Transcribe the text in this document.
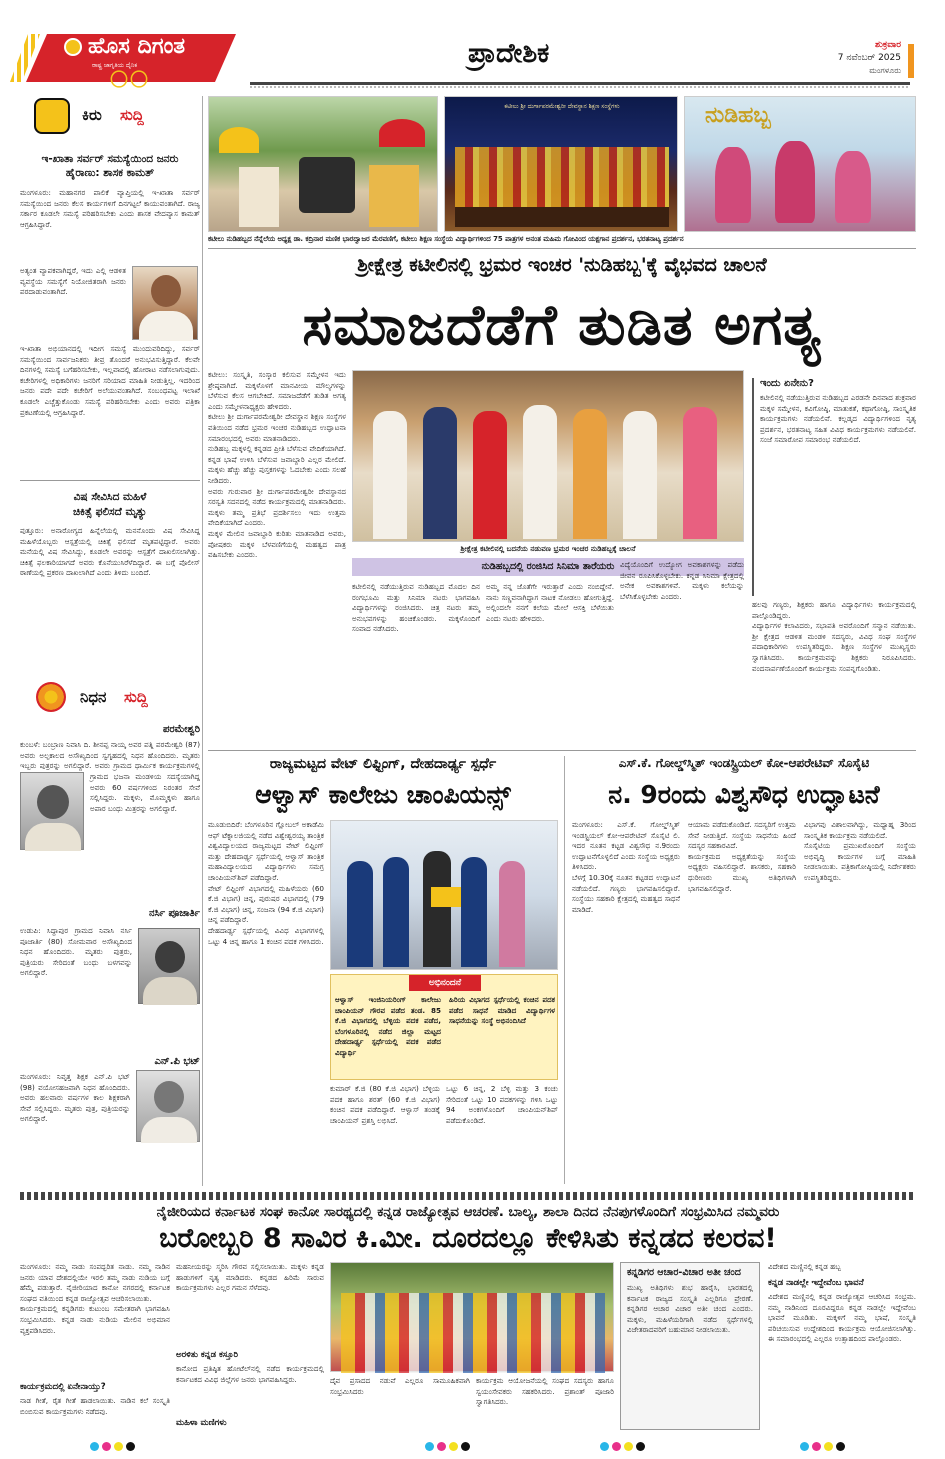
ಹೊಸ ದಿಗಂತ
ರಾಷ್ಟ್ರ ಜಾಗೃತಿಯ ದೈನಿಕ
〇〇
ಪ್ರಾದೇಶಿಕ	ಶುಕ್ರವಾರ
7 ನವೆಂಬರ್ 2025
ಮಂಗಳೂರು
ಕಿರು ಸುದ್ದಿ
ಇ-ಖಾತಾ ಸರ್ವರ್ ಸಮಸ್ಯೆಯಿಂದ ಜನರು
ಹೈರಾಣು: ಶಾಸಕ ಕಾಮತ್
ಮಂಗಳೂರು: ಮಹಾನಗರ ಪಾಲಿಕೆ ವ್ಯಾಪ್ತಿಯಲ್ಲಿ ಇ-ಖಾತಾ ಸರ್ವರ್ ಸಮಸ್ಯೆಯಿಂದ ಜನರು ಕೆಲಸ ಕಾರ್ಯಗಳಿಗೆ ದಿನಗಟ್ಟಲೆ ಕಾಯುವಂತಾಗಿದೆ. ರಾಜ್ಯ ಸರ್ಕಾರ ಕೂಡಲೇ ಸಮಸ್ಯೆ ಪರಿಹರಿಸಬೇಕು ಎಂದು ಶಾಸಕ ವೇದವ್ಯಾಸ ಕಾಮತ್ ಆಗ್ರಹಿಸಿದ್ದಾರೆ.
ಅತ್ಯಂತ ವ್ಯಾಪಕವಾಗಿದ್ದರೆ, ಇದು ಎಲ್ಲಿ ಆಡಳಿತ ವ್ಯವಸ್ಥೆಯ ಸಮಸ್ಯೆಗೆ ನಿಯೋಜಿತರಾಗಿ ಜನರು ಪರದಾಡುವಂತಾಗಿದೆ.
ಇ-ಖಾತಾ ಅಭಿಯಾನದಲ್ಲಿ ಇದೀಗ ಸಮಸ್ಯೆ ಮುಂದುವರಿದಿದ್ದು, ಸರ್ವರ್ ಸಮಸ್ಯೆಯಿಂದ ಸಾರ್ವಜನಿಕರು ತೀವ್ರ ತೊಂದರೆ ಅನುಭವಿಸುತ್ತಿದ್ದಾರೆ. ಕೆಲವೇ ದಿನಗಳಲ್ಲಿ ಸಮಸ್ಯೆ ಬಗೆಹರಿಸಬೇಕು, ಇಲ್ಲವಾದಲ್ಲಿ ಹೋರಾಟ ನಡೆಸಲಾಗುವುದು. ಕಚೇರಿಗಳಲ್ಲಿ ಅಧಿಕಾರಿಗಳು ಜನರಿಗೆ ಸರಿಯಾದ ಮಾಹಿತಿ ನೀಡುತ್ತಿಲ್ಲ. ಇದರಿಂದ ಜನರು ಪದೇ ಪದೇ ಕಚೇರಿಗೆ ಅಲೆಯುವಂತಾಗಿದೆ. ಸಂಬಂಧಪಟ್ಟ ಇಲಾಖೆ ಕೂಡಲೇ ಎಚ್ಚೆತ್ತುಕೊಂಡು ಸಮಸ್ಯೆ ಪರಿಹರಿಸಬೇಕು ಎಂದು ಅವರು ಪತ್ರಿಕಾ ಪ್ರಕಟಣೆಯಲ್ಲಿ ಆಗ್ರಹಿಸಿದ್ದಾರೆ.
ವಿಷ ಸೇವಿಸಿದ ಮಹಿಳೆ
ಚಿಕಿತ್ಸೆ ಫಲಿಸದೆ ಮೃತ್ಯು
ಪುತ್ತೂರು: ಅನಾರೋಗ್ಯದ ಹಿನ್ನೆಲೆಯಲ್ಲಿ ಮನನೊಂದು ವಿಷ ಸೇವಿಸಿದ್ದ ಮಹಿಳೆಯೊಬ್ಬರು ಆಸ್ಪತ್ರೆಯಲ್ಲಿ ಚಿಕಿತ್ಸೆ ಫಲಿಸದೆ ಮೃತಪಟ್ಟಿದ್ದಾರೆ. ಅವರು ಮನೆಯಲ್ಲಿ ವಿಷ ಸೇವಿಸಿದ್ದು, ಕೂಡಲೇ ಅವರನ್ನು ಆಸ್ಪತ್ರೆಗೆ ದಾಖಲಿಸಲಾಗಿತ್ತು. ಚಿಕಿತ್ಸೆ ಫಲಕಾರಿಯಾಗದೆ ಅವರು ಕೊನೆಯುಸಿರೆಳೆದಿದ್ದಾರೆ. ಈ ಬಗ್ಗೆ ಪೊಲೀಸ್ ಠಾಣೆಯಲ್ಲಿ ಪ್ರಕರಣ ದಾಖಲಾಗಿದೆ ಎಂದು ತಿಳಿದು ಬಂದಿದೆ.
ನಿಧನ ಸುದ್ದಿ
ಪರಮೇಶ್ವರಿ
ಕುಂಬಳೆ: ಬಂಬ್ರಾಣ ನಿವಾಸಿ ದಿ. ಶೀನಪ್ಪ ನಾಯ್ಕ ಅವರ ಪತ್ನಿ ಪರಮೇಶ್ವರಿ (87) ಅವರು ಅಲ್ಪಕಾಲದ ಅಸೌಖ್ಯದಿಂದ ಸ್ವಗೃಹದಲ್ಲಿ ನಿಧನ ಹೊಂದಿದರು. ಮೃತರು ಇಬ್ಬರು ಪುತ್ರರನ್ನು ಅಗಲಿದ್ದಾರೆ. ಅವರು ಗ್ರಾಮದ ಧಾರ್ಮಿಕ ಕಾರ್ಯಕ್ರಮಗಳಲ್ಲಿ
ಗ್ರಾಮದ ಭಜನಾ ಮಂಡಳಿಯ ಸದಸ್ಯೆಯಾಗಿದ್ದ ಅವರು 60 ವರ್ಷಗಳಿಂದ ನಿರಂತರ ಸೇವೆ ಸಲ್ಲಿಸಿದ್ದರು. ಮಕ್ಕಳು, ಮೊಮ್ಮಕ್ಕಳು ಹಾಗೂ ಅಪಾರ ಬಂಧು ಮಿತ್ರರನ್ನು ಅಗಲಿದ್ದಾರೆ.
ನರ್ಸಿ ಪೂಜಾರ್ತಿ
ಉಡುಪಿ: ಸಿದ್ದಾಪುರ ಗ್ರಾಮದ ನಿವಾಸಿ ನರ್ಸಿ ಪೂಜಾರ್ತಿ (80) ಸೋಮವಾರ ಅಸೌಖ್ಯದಿಂದ ನಿಧನ ಹೊಂದಿದರು. ಮೃತರು ಪುತ್ರರು, ಪುತ್ರಿಯರು ಸೇರಿದಂತೆ ಬಂಧು ಬಳಗವನ್ನು ಅಗಲಿದ್ದಾರೆ.
ಎನ್.ಪಿ ಭಟ್
ಮಂಗಳೂರು: ನಿವೃತ್ತ ಶಿಕ್ಷಕ ಎನ್.ಪಿ ಭಟ್ (98) ವಯೋಸಹಜವಾಗಿ ನಿಧನ ಹೊಂದಿದರು. ಅವರು ಹಲವಾರು ವರ್ಷಗಳ ಕಾಲ ಶಿಕ್ಷಕರಾಗಿ ಸೇವೆ ಸಲ್ಲಿಸಿದ್ದರು. ಮೃತರು ಪುತ್ರ, ಪುತ್ರಿಯರನ್ನು ಅಗಲಿದ್ದಾರೆ.
ಕಟೀಲು ಶ್ರೀ ದುರ್ಗಾಪರಮೇಶ್ವರೀ ದೇವಸ್ಥಾನ ಶಿಕ್ಷಣ ಸಂಸ್ಥೆಗಳು	ನುಡಿಹಬ್ಬ
ಕಟೀಲು ನುಡಿಹಬ್ಬದ ನೆನ್ನೆಲೆಯ ಅಧ್ಯಕ್ಷ ಡಾ. ಕದ್ರಿನಾರ ಮಣಿಕ ಭಾರದ್ವಾಜರ ಮೆರವಣಿಗೆ, ಕಟೀಲು ಶಿಕ್ಷಣ ಸಂಸ್ಥೆಯ ವಿದ್ಯಾರ್ಥಿಗಳಿಂದ 75 ಪಾತ್ರಗಳ ಅನಂತ ಮಹಿಮ ಗೋವಿಂದ ಯಕ್ಷಗಾನ ಪ್ರದರ್ಶನ, ಭರತನಾಟ್ಯ ಪ್ರದರ್ಶನ
ಶ್ರೀಕ್ಷೇತ್ರ ಕಟೀಲಿನಲ್ಲಿ ಭ್ರಮರ ಇಂಚರ 'ನುಡಿಹಬ್ಬ'ಕ್ಕೆ ವೈಭವದ ಚಾಲನೆ
ಸಮಾಜದೆಡೆಗೆ ತುಡಿತ ಅಗತ್ಯ
ಕಟೀಲು: ಸಂಸ್ಕೃತಿ, ಸಂಸ್ಕಾರ ಕಲಿಸುವ ಸಮ್ಮೇಳನ ಇದು ಶ್ರೇಷ್ಠವಾಗಿದೆ. ಮಕ್ಕಳೊಳಗೆ ಮಾನವೀಯ ಮೌಲ್ಯಗಳನ್ನು ಬೆಳೆಸುವ ಕೆಲಸ ಆಗಬೇಕಿದೆ. ಸಮಾಜದೆಡೆಗೆ ತುಡಿತ ಅಗತ್ಯ ಎಂದು ಸಮ್ಮೇಳನಾಧ್ಯಕ್ಷರು ಹೇಳಿದರು.
ಕಟೀಲು ಶ್ರೀ ದುರ್ಗಾಪರಮೇಶ್ವರೀ ದೇವಸ್ಥಾನ ಶಿಕ್ಷಣ ಸಂಸ್ಥೆಗಳ ವತಿಯಿಂದ ನಡೆದ ಭ್ರಮರ ಇಂಚರ ನುಡಿಹಬ್ಬದ ಉದ್ಘಾಟನಾ ಸಮಾರಂಭದಲ್ಲಿ ಅವರು ಮಾತನಾಡಿದರು.
ನುಡಿಹಬ್ಬ ಮಕ್ಕಳಲ್ಲಿ ಕನ್ನಡದ ಪ್ರೀತಿ ಬೆಳೆಸುವ ವೇದಿಕೆಯಾಗಿದೆ. ಕನ್ನಡ ಭಾಷೆ ಉಳಿಸಿ ಬೆಳೆಸುವ ಜವಾಬ್ದಾರಿ ಎಲ್ಲರ ಮೇಲಿದೆ. ಮಕ್ಕಳು ಹೆಚ್ಚು ಹೆಚ್ಚು ಪುಸ್ತಕಗಳನ್ನು ಓದಬೇಕು ಎಂದು ಸಲಹೆ ನೀಡಿದರು.
ಅವರು ಗುರುವಾರ ಶ್ರೀ ದುರ್ಗಾಪರಮೇಶ್ವರೀ ದೇವಸ್ಥಾನದ ಸರಸ್ವತಿ ಸದನದಲ್ಲಿ ನಡೆದ ಕಾರ್ಯಕ್ರಮದಲ್ಲಿ ಮಾತನಾಡಿದರು. ಮಕ್ಕಳು ತಮ್ಮ ಪ್ರತಿಭೆ ಪ್ರದರ್ಶಿಸಲು ಇದು ಉತ್ತಮ ವೇದಿಕೆಯಾಗಿದೆ ಎಂದರು.
ಮಕ್ಕಳ ಮೇಲಿನ ಜವಾಬ್ದಾರಿ ಕುರಿತು ಮಾತನಾಡಿದ ಅವರು, ಪೋಷಕರು ಮಕ್ಕಳ ಬೆಳವಣಿಗೆಯಲ್ಲಿ ಮಹತ್ವದ ಪಾತ್ರ ವಹಿಸಬೇಕು ಎಂದರು.
ಶ್ರೀಕ್ಷೇತ್ರ ಕಟೀಲಿನಲ್ಲಿ ಬದನೆಯ ನಡುವಣ ಭ್ರಮರ ಇಂಚರ ನುಡಿಹಬ್ಬಕ್ಕೆ ಚಾಲನೆ
ಇಂದು ಏನೇನು?
ಕಟೀಲಿನಲ್ಲಿ ನಡೆಯುತ್ತಿರುವ ನುಡಿಹಬ್ಬದ ಎರಡನೇ ದಿನವಾದ ಶುಕ್ರವಾರ ಮಕ್ಕಳ ಸಮ್ಮೇಳನ, ಕವಿಗೋಷ್ಠಿ, ಮಾತುಕತೆ, ಕಥಾಗೋಷ್ಠಿ, ಸಾಂಸ್ಕೃತಿಕ ಕಾರ್ಯಕ್ರಮಗಳು ನಡೆಯಲಿವೆ. ಕಲ್ಲಡ್ಕದ ವಿದ್ಯಾರ್ಥಿಗಳಿಂದ ನೃತ್ಯ ಪ್ರದರ್ಶನ, ಭರತನಾಟ್ಯ ಸಹಿತ ವಿವಿಧ ಕಾರ್ಯಕ್ರಮಗಳು ನಡೆಯಲಿವೆ. ಸಂಜೆ ಸಮಾರೋಪ ಸಮಾರಂಭ ನಡೆಯಲಿದೆ.
ನುಡಿಹಬ್ಬದಲ್ಲಿ ರಂಜಿಸಿದ ಸಿನಿಮಾ ತಾರೆಯರು
ಕಟೀಲಿನಲ್ಲಿ ನಡೆಯುತ್ತಿರುವ ನುಡಿಹಬ್ಬದ ಮೊದಲ ದಿನ ರಂಗಭೂಮಿ ಮತ್ತು ಸಿನಿಮಾ ನಟರು ಭಾಗವಹಿಸಿ ವಿದ್ಯಾರ್ಥಿಗಳನ್ನು ರಂಜಿಸಿದರು. ಚಿತ್ರ ನಟರು ತಮ್ಮ ಅನುಭವಗಳನ್ನು ಹಂಚಿಕೊಂಡರು. ಮಕ್ಕಳೊಂದಿಗೆ ಸಂವಾದ ನಡೆಸಿದರು.
ಅಮ್ಮ ನನ್ನ ಜೊತೆಗೇ ಇರುತ್ತಾರೆ ಎಂದು ನಂಬಿದ್ದೇನೆ. ನಾನು ಸಣ್ಣವನಾಗಿದ್ದಾಗ ನಾಟಕ ನೋಡಲು ಹೋಗುತ್ತಿದ್ದೆ. ಅಲ್ಲಿಂದಲೇ ನನಗೆ ಕಲೆಯ ಮೇಲೆ ಆಸಕ್ತಿ ಬೆಳೆಯಿತು ಎಂದು ನಟರು ಹೇಳಿದರು.
ವಿದ್ಯೆಯೊಂದಿಗೆ ಉದ್ಯೋಗ ಅವಕಾಶಗಳನ್ನು ಪಡೆದು ಜೀವನ ರೂಪಿಸಿಕೊಳ್ಳಬೇಕು. ಕನ್ನಡ ಸಿನಿಮಾ ಕ್ಷೇತ್ರದಲ್ಲಿ ಅನೇಕ ಅವಕಾಶಗಳಿವೆ. ಮಕ್ಕಳು ಕಲೆಯನ್ನು ಬೆಳೆಸಿಕೊಳ್ಳಬೇಕು ಎಂದರು.
ಹಲವು ಗಣ್ಯರು, ಶಿಕ್ಷಕರು ಹಾಗೂ ವಿದ್ಯಾರ್ಥಿಗಳು ಕಾರ್ಯಕ್ರಮದಲ್ಲಿ ಪಾಲ್ಗೊಂಡಿದ್ದರು.
ವಿದ್ಯಾರ್ಥಿಗಳ ಕಲಾವಿದರು, ಸಭಾಪತಿ ಅವರೊಂದಿಗೆ ಸನ್ಮಾನ ನಡೆಯಿತು. ಶ್ರೀ ಕ್ಷೇತ್ರದ ಆಡಳಿತ ಮಂಡಳಿ ಸದಸ್ಯರು, ವಿವಿಧ ಸಂಘ ಸಂಸ್ಥೆಗಳ ಪದಾಧಿಕಾರಿಗಳು ಉಪಸ್ಥಿತರಿದ್ದರು. ಶಿಕ್ಷಣ ಸಂಸ್ಥೆಗಳ ಮುಖ್ಯಸ್ಥರು ಸ್ವಾಗತಿಸಿದರು. ಕಾರ್ಯಕ್ರಮವನ್ನು ಶಿಕ್ಷಕರು ನಿರೂಪಿಸಿದರು. ವಂದನಾರ್ಪಣೆಯೊಂದಿಗೆ ಕಾರ್ಯಕ್ರಮ ಸಂಪನ್ನಗೊಂಡಿತು.
ರಾಜ್ಯಮಟ್ಟದ ವೇಟ್ ಲಿಫ್ಟಿಂಗ್, ದೇಹದಾರ್ಢ್ಯ ಸ್ಪರ್ಧೆ
ಆಳ್ವಾಸ್ ಕಾಲೇಜು ಚಾಂಪಿಯನ್ಸ್
ಮೂಡುಬಿದಿರೆ: ಬೆಂಗಳೂರಿನ ಗ್ಲೋಬಲ್ ಅಕಾಡೆಮಿ ಆಫ್ ಟೆಕ್ನಾಲಜಿಯಲ್ಲಿ ನಡೆದ ವಿಶ್ವೇಶ್ವರಯ್ಯ ತಾಂತ್ರಿಕ ವಿಶ್ವವಿದ್ಯಾಲಯದ ರಾಜ್ಯಮಟ್ಟದ ವೇಟ್ ಲಿಫ್ಟಿಂಗ್ ಮತ್ತು ದೇಹದಾರ್ಢ್ಯ ಸ್ಪರ್ಧೆಯಲ್ಲಿ ಆಳ್ವಾಸ್ ತಾಂತ್ರಿಕ ಮಹಾವಿದ್ಯಾಲಯದ ವಿದ್ಯಾರ್ಥಿಗಳು ಸಮಗ್ರ ಚಾಂಪಿಯನ್‌ಶಿಪ್ ಪಡೆದಿದ್ದಾರೆ.
ವೇಟ್ ಲಿಫ್ಟಿಂಗ್ ವಿಭಾಗದಲ್ಲಿ ಮಹಿಳೆಯರು (60 ಕೆ.ಜಿ ವಿಭಾಗ) ಚಿನ್ನ, ಪುರುಷರ ವಿಭಾಗದಲ್ಲಿ (79 ಕೆ.ಜಿ ವಿಭಾಗ) ಚಿನ್ನ, ಸಂಜನಾ (94 ಕೆ.ಜಿ ವಿಭಾಗ) ಚಿನ್ನ ಪಡೆದಿದ್ದಾರೆ.
ದೇಹದಾರ್ಢ್ಯ ಸ್ಪರ್ಧೆಯಲ್ಲಿ ವಿವಿಧ ವಿಭಾಗಗಳಲ್ಲಿ ಒಟ್ಟು 4 ಚಿನ್ನ ಹಾಗೂ 1 ಕಂಚಿನ ಪದಕ ಗಳಿಸಿದರು.
ಅಭಿನಂದನೆ
ಆಳ್ವಾಸ್ ಇಂಜಿನಿಯರಿಂಗ್ ಕಾಲೇಜು ಚಾಂಪಿಯನ್ ಗೌರವ ಪಡೆದ ತಂಡ. 85 ಕೆ.ಜಿ ವಿಭಾಗದಲ್ಲಿ ಬೆಳ್ಳಿಯ ಪದಕ ಪಡೆದ, ಬೆಂಗಳೂರಿನಲ್ಲಿ ನಡೆದ ಜಿಲ್ಲಾ ಮಟ್ಟದ ದೇಹದಾರ್ಢ್ಯ ಸ್ಪರ್ಧೆಯಲ್ಲಿ ಪದಕ ಪಡೆದ ವಿದ್ಯಾರ್ಥಿ
ಹಿರಿಯ ವಿಭಾಗದ ಸ್ಪರ್ಧೆಯಲ್ಲಿ ಕಂಚಿನ ಪದಕ ಪಡೆದ ಸಾಧನೆ ಮಾಡಿದ ವಿದ್ಯಾರ್ಥಿಗಳ ಸಾಧನೆಯನ್ನು ಸಂಸ್ಥೆ ಅಭಿನಂದಿಸಿದೆ
ಕುಮಾರ್ ಕೆ.ಜಿ (80 ಕೆ.ಜಿ ವಿಭಾಗ) ಬೆಳ್ಳಿಯ ಪದಕ ಹಾಗೂ ಶರತ್ (60 ಕೆ.ಜಿ ವಿಭಾಗ) ಕಂಚಿನ ಪದಕ ಪಡೆದಿದ್ದಾರೆ. ಆಳ್ವಾಸ್ ತಂಡಕ್ಕೆ ಚಾಂಪಿಯನ್ ಪ್ರಶಸ್ತಿ ಲಭಿಸಿದೆ.
ಒಟ್ಟು 6 ಚಿನ್ನ, 2 ಬೆಳ್ಳಿ ಮತ್ತು 3 ಕಂಚು ಸೇರಿದಂತೆ ಒಟ್ಟು 10 ಪದಕಗಳನ್ನು ಗಳಿಸಿ ಒಟ್ಟು 94 ಅಂಕಗಳೊಂದಿಗೆ ಚಾಂಪಿಯನ್‌ಶಿಪ್ ಪಡೆದುಕೊಂಡಿದೆ.
ಎಸ್.ಕೆ. ಗೋಲ್ಡ್‌ಸ್ಮಿತ್ ಇಂಡಸ್ಟ್ರಿಯಲ್ ಕೋ-ಆಪರೇಟಿವ್ ಸೊಸೈಟಿ
ನ. 9ರಂದು ವಿಶ್ವಸೌಧ ಉದ್ಘಾಟನೆ
ಮಂಗಳೂರು: ಎಸ್.ಕೆ. ಗೋಲ್ಡ್‌ಸ್ಮಿತ್ ಇಂಡಸ್ಟ್ರಿಯಲ್ ಕೋ-ಆಪರೇಟಿವ್ ಸೊಸೈಟಿ ಲಿ. ಇದರ ನೂತನ ಕಟ್ಟಡ ವಿಶ್ವಸೌಧ ನ.9ರಂದು ಉದ್ಘಾಟನೆಗೊಳ್ಳಲಿದೆ ಎಂದು ಸಂಸ್ಥೆಯ ಅಧ್ಯಕ್ಷರು ತಿಳಿಸಿದರು.
ಬೆಳಗ್ಗೆ 10.30ಕ್ಕೆ ನೂತನ ಕಟ್ಟಡದ ಉದ್ಘಾಟನೆ ನಡೆಯಲಿದೆ. ಗಣ್ಯರು ಭಾಗವಹಿಸಲಿದ್ದಾರೆ. ಸಂಸ್ಥೆಯು ಸಹಕಾರಿ ಕ್ಷೇತ್ರದಲ್ಲಿ ಮಹತ್ವದ ಸಾಧನೆ ಮಾಡಿದೆ.
ಆಯಾಮ ಪಡೆದುಕೊಂಡಿದೆ. ಸದಸ್ಯರಿಗೆ ಉತ್ತಮ ಸೇವೆ ನೀಡುತ್ತಿದೆ. ಸಂಸ್ಥೆಯ ಸಾಧನೆಯ ಹಿಂದೆ ಸದಸ್ಯರ ಸಹಕಾರವಿದೆ.
ಕಾರ್ಯಕ್ರಮದ ಅಧ್ಯಕ್ಷತೆಯನ್ನು ಸಂಸ್ಥೆಯ ಅಧ್ಯಕ್ಷರು ವಹಿಸಲಿದ್ದಾರೆ. ಶಾಸಕರು, ಸಹಕಾರಿ ಧುರೀಣರು ಮುಖ್ಯ ಅತಿಥಿಗಳಾಗಿ ಭಾಗವಹಿಸಲಿದ್ದಾರೆ.
ವಿಭಾಗವು ವಿಶಾಲವಾಗಿದ್ದು, ಮಧ್ಯಾಹ್ನ 3ರಿಂದ ಸಾಂಸ್ಕೃತಿಕ ಕಾರ್ಯಕ್ರಮ ನಡೆಯಲಿದೆ.
ಸೊಸೈಟಿಯ ಪ್ರಮುಖರೊಂದಿಗೆ ಸಂಸ್ಥೆಯ ಅಭಿವೃದ್ಧಿ ಕಾರ್ಯಗಳ ಬಗ್ಗೆ ಮಾಹಿತಿ ನೀಡಲಾಯಿತು. ಪತ್ರಿಕಾಗೋಷ್ಠಿಯಲ್ಲಿ ನಿರ್ದೇಶಕರು ಉಪಸ್ಥಿತರಿದ್ದರು.
ನೈಜೀರಿಯದ ಕರ್ನಾಟಕ ಸಂಘ ಕಾನೋ ಸಾರಥ್ಯದಲ್ಲಿ ಕನ್ನಡ ರಾಜ್ಯೋತ್ಸವ ಆಚರಣೆ. ಬಾಲ್ಯ, ಶಾಲಾ ದಿನದ ನೆನಪುಗಳೊಂದಿಗೆ ಸಂಭ್ರಮಿಸಿದ ನಮ್ಮವರು
ಬರೋಬ್ಬರಿ 8 ಸಾವಿರ ಕಿ.ಮೀ. ದೂರದಲ್ಲೂ ಕೇಳಿಸಿತು ಕನ್ನಡದ ಕಲರವ!
ಮಂಗಳೂರು: ನಮ್ಮ ನಾಡು ಸಂಪದ್ಭರಿತ ನಾಡು. ನಮ್ಮ ನಾಡಿನ ಜನರು ಯಾವ ದೇಶದಲ್ಲಿಯೇ ಇರಲಿ ತಮ್ಮ ನಾಡು ನುಡಿಯ ಬಗ್ಗೆ ಹೆಮ್ಮೆ ಪಡುತ್ತಾರೆ. ನೈಜೀರಿಯಾದ ಕಾನೋ ನಗರದಲ್ಲಿ ಕರ್ನಾಟಕ ಸಂಘದ ವತಿಯಿಂದ ಕನ್ನಡ ರಾಜ್ಯೋತ್ಸವ ಆಚರಿಸಲಾಯಿತು.
ಕಾರ್ಯಕ್ರಮದಲ್ಲಿ ಕನ್ನಡಿಗರು ಕುಟುಂಬ ಸಮೇತರಾಗಿ ಭಾಗವಹಿಸಿ ಸಂಭ್ರಮಿಸಿದರು. ಕನ್ನಡ ನಾಡು ನುಡಿಯ ಮೇಲಿನ ಅಭಿಮಾನ ವ್ಯಕ್ತಪಡಿಸಿದರು.
ಕಾರ್ಯಕ್ರಮದಲ್ಲಿ ಏನೇನಾಯ್ತು?
ನಾಡ ಗೀತೆ, ರೈತ ಗೀತೆ ಹಾಡಲಾಯಿತು. ನಾಡಿನ ಕಲೆ ಸಂಸ್ಕೃತಿ ಬಿಂಬಿಸುವ ಕಾರ್ಯಕ್ರಮಗಳು ನಡೆದವು.
ಮಹನೀಯರನ್ನು ಸ್ಮರಿಸಿ ಗೌರವ ಸಲ್ಲಿಸಲಾಯಿತು. ಮಕ್ಕಳು ಕನ್ನಡ ಹಾಡುಗಳಿಗೆ ನೃತ್ಯ ಮಾಡಿದರು. ಕನ್ನಡದ ಹಿರಿಮೆ ಸಾರುವ ಕಾರ್ಯಕ್ರಮಗಳು ಎಲ್ಲರ ಗಮನ ಸೆಳೆದವು.
ಅರಳಿತು ಕನ್ನಡ ಕಸ್ತೂರಿ
ಕಾನೋದ ಪ್ರತಿಷ್ಠಿತ ಹೋಟೆಲ್‌ನಲ್ಲಿ ನಡೆದ ಕಾರ್ಯಕ್ರಮದಲ್ಲಿ ಕರ್ನಾಟಕದ ವಿವಿಧ ಜಿಲ್ಲೆಗಳ ಜನರು ಭಾಗವಹಿಸಿದ್ದರು.
ಮಹಿಳಾ ಮಣಿಗಳು
ದೈವ ಪ್ರಸಾದದ ನಡುವೆ ಎಲ್ಲರೂ ಸಾಮೂಹಿಕವಾಗಿ ಸಂಭ್ರಮಿಸಿದರು
ಕಾರ್ಯಕ್ರಮ ಆಯೋಜನೆಯಲ್ಲಿ ಸಂಘದ ಸದಸ್ಯರು ಹಾಗೂ ಸ್ವಯಂಸೇವಕರು ಸಹಕರಿಸಿದರು. ಪ್ರಶಾಂತ್ ಪೂಜಾರಿ ಸ್ವಾಗತಿಸಿದರು.
ಕನ್ನಡಿಗರ ಆಚಾರ-ವಿಚಾರ ಅತೀ ಚಂದ
ಮುಖ್ಯ ಅತಿಥಿಗಳು ಶುಭ ಹಾರೈಸಿ, ಭಾರತದಲ್ಲಿ ಕರ್ನಾಟಕ ರಾಜ್ಯದ ಸಂಸ್ಕೃತಿ ಎಲ್ಲರಿಗೂ ಪ್ರೇರಣೆ. ಕನ್ನಡಿಗರ ಆಚಾರ ವಿಚಾರ ಅತೀ ಚಂದ ಎಂದರು. ಮಕ್ಕಳು, ಮಹಿಳೆಯರಿಗಾಗಿ ನಡೆದ ಸ್ಪರ್ಧೆಗಳಲ್ಲಿ ವಿಜೇತರಾದವರಿಗೆ ಬಹುಮಾನ ನೀಡಲಾಯಿತು.
ವಿದೇಶದ ಮಣ್ಣಿನಲ್ಲಿ ಕನ್ನಡ ಹಬ್ಬ
ಕನ್ನಡ ನಾಡಲ್ಲೇ ಇದ್ದೇವೆಂಬ ಭಾವನೆ
ವಿದೇಶದ ಮಣ್ಣಿನಲ್ಲಿ ಕನ್ನಡ ರಾಜ್ಯೋತ್ಸವ ಆಚರಿಸಿದ ಸಂಭ್ರಮ. ನಮ್ಮ ನಾಡಿನಿಂದ ದೂರವಿದ್ದರೂ ಕನ್ನಡ ನಾಡಲ್ಲೇ ಇದ್ದೇವೆಂಬ ಭಾವನೆ ಮೂಡಿತು. ಮಕ್ಕಳಿಗೆ ನಮ್ಮ ಭಾಷೆ, ಸಂಸ್ಕೃತಿ ಪರಿಚಯಿಸುವ ಉದ್ದೇಶದಿಂದ ಕಾರ್ಯಕ್ರಮ ಆಯೋಜಿಸಲಾಗಿತ್ತು. ಈ ಸಮಾರಂಭದಲ್ಲಿ ಎಲ್ಲರೂ ಉತ್ಸಾಹದಿಂದ ಪಾಲ್ಗೊಂಡರು.
